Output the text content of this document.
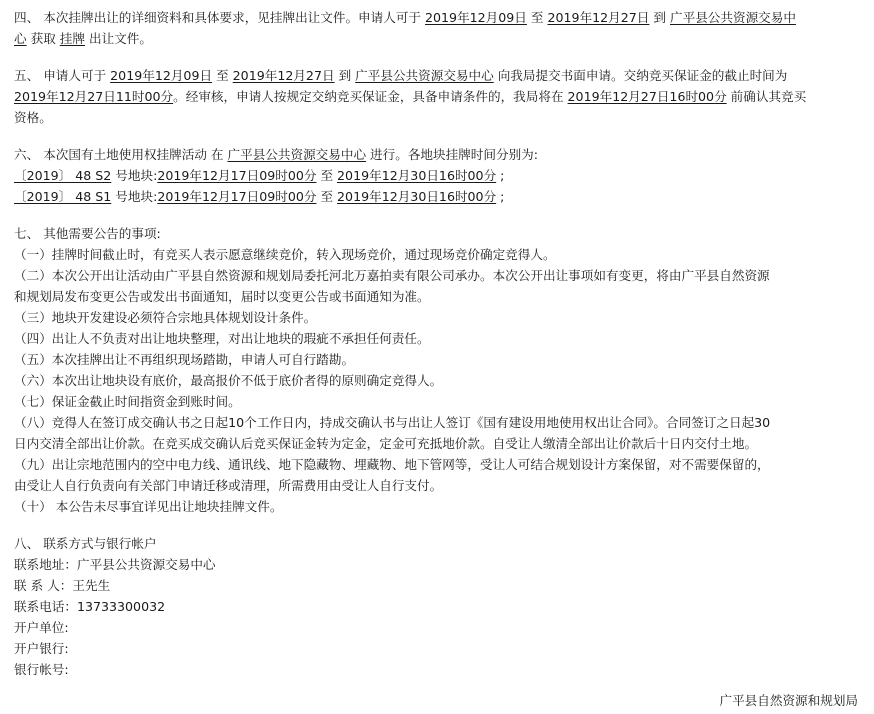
四、 本次挂牌出让的详细资料和具体要求，见挂牌出让文件。申请人可于 2019年12月09日 至 2019年12月27日 到 广平县公共资源交易中
心 获取 挂牌 出让文件。
五、 申请人可于 2019年12月09日 至 2019年12月27日 到 广平县公共资源交易中心 向我局提交书面申请。交纳竞买保证金的截止时间为
2019年12月27日11时00分。经审核，申请人按规定交纳竞买保证金，具备申请条件的，我局将在 2019年12月27日16时00分 前确认其竞买
资格。
六、 本次国有土地使用权挂牌活动 在 广平县公共资源交易中心 进行。各地块挂牌时间分别为:
〔2019〕 48 S2 号地块:2019年12月17日09时00分 至 2019年12月30日16时00分 ;
〔2019〕 48 S1 号地块:2019年12月17日09时00分 至 2019年12月30日16时00分 ;
七、 其他需要公告的事项:
（一）挂牌时间截止时，有竞买人表示愿意继续竞价，转入现场竞价，通过现场竞价确定竞得人。
（二）本次公开出让活动由广平县自然资源和规划局委托河北万嘉拍卖有限公司承办。本次公开出让事项如有变更，将由广平县自然资源
和规划局发布变更公告或发出书面通知，届时以变更公告或书面通知为准。
（三）地块开发建设必须符合宗地具体规划设计条件。
（四）出让人不负责对出让地块整理，对出让地块的瑕疵不承担任何责任。
（五）本次挂牌出让不再组织现场踏勘，申请人可自行踏勘。
（六）本次出让地块设有底价，最高报价不低于底价者得的原则确定竞得人。
（七）保证金截止时间指资金到账时间。
（八）竞得人在签订成交确认书之日起10个工作日内，持成交确认书与出让人签订《国有建设用地使用权出让合同》。合同签订之日起30
日内交清全部出让价款。在竞买成交确认后竞买保证金转为定金，定金可充抵地价款。自受让人缴清全部出让价款后十日内交付土地。
（九）出让宗地范围内的空中电力线、通讯线、地下隐藏物、埋藏物、地下管网等，受让人可结合规划设计方案保留，对不需要保留的，
由受让人自行负责向有关部门申请迁移或清理，所需费用由受让人自行支付。
（十） 本公告未尽事宜详见出让地块挂牌文件。
八、 联系方式与银行帐户
联系地址：广平县公共资源交易中心
联 系 人：王先生
联系电话：13733300032
开户单位:
开户银行:
银行帐号:
广平县自然资源和规划局
